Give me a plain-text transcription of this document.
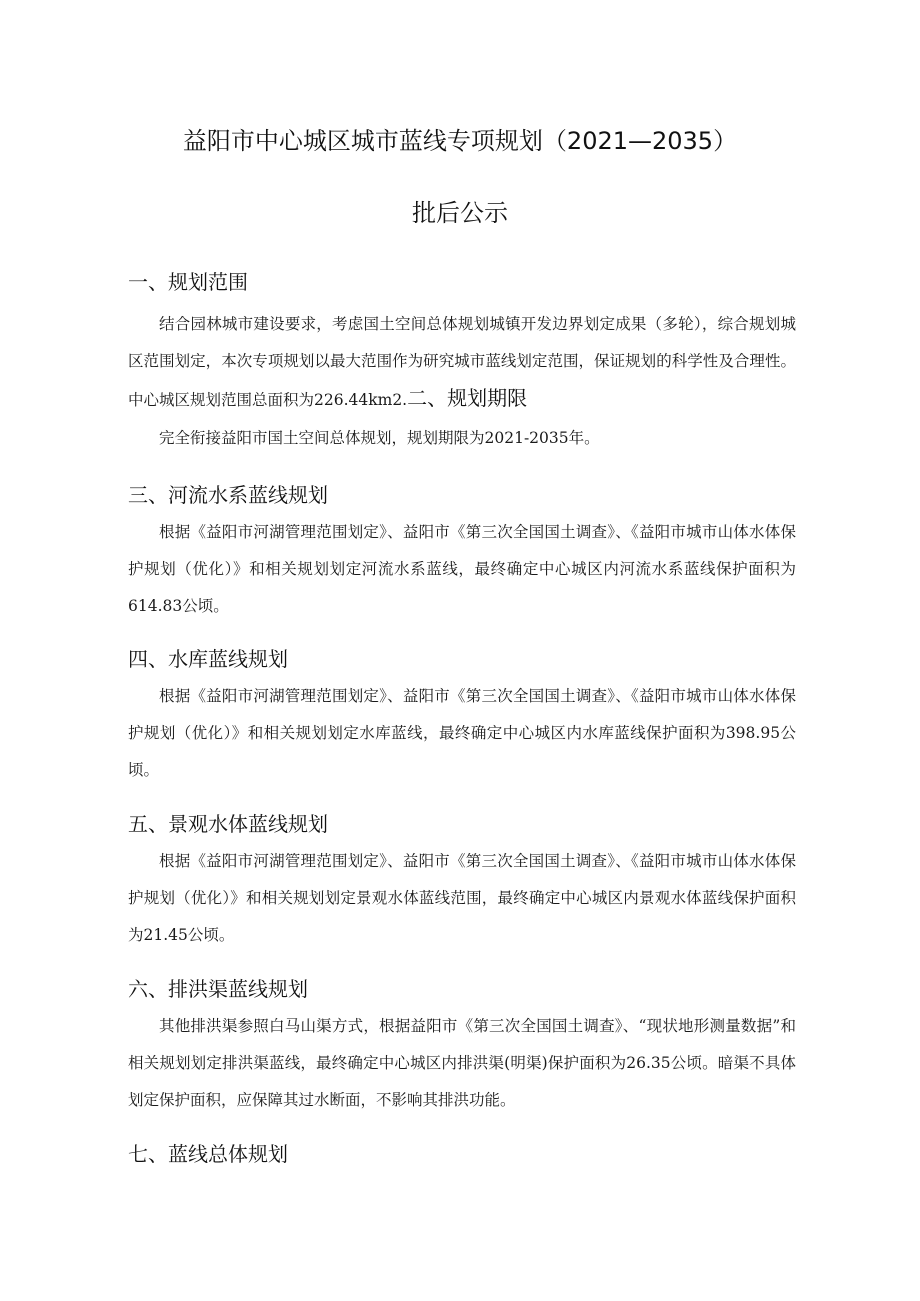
益阳市中心城区城市蓝线专项规划（2021—2035）
批后公示
一、规划范围

结合园林城市建设要求，考虑国土空间总体规划城镇开发边界划定成果（多轮），综合规划城区范围划定，本次专项规划以最大范围作为研究城市蓝线划定范围，保证规划的科学性及合理性。中心城区规划范围总面积为226.44km2.二、规划期限

完全衔接益阳市国土空间总体规划，规划期限为2021-2035年。

三、河流水系蓝线规划

根据《益阳市河湖管理范围划定》、益阳市《第三次全国国土调查》、《益阳市城市山体水体保护规划（优化）》和相关规划划定河流水系蓝线，最终确定中心城区内河流水系蓝线保护面积为614.83公顷。

四、水库蓝线规划

根据《益阳市河湖管理范围划定》、益阳市《第三次全国国土调查》、《益阳市城市山体水体保护规划（优化）》和相关规划划定水库蓝线，最终确定中心城区内水库蓝线保护面积为398.95公顷。

五、景观水体蓝线规划

根据《益阳市河湖管理范围划定》、益阳市《第三次全国国土调查》、《益阳市城市山体水体保护规划（优化）》和相关规划划定景观水体蓝线范围，最终确定中心城区内景观水体蓝线保护面积为21.45公顷。

六、排洪渠蓝线规划

其他排洪渠参照白马山渠方式，根据益阳市《第三次全国国土调查》、“现状地形测量数据”和相关规划划定排洪渠蓝线，最终确定中心城区内排洪渠(明渠)保护面积为26.35公顷。暗渠不具体划定保护面积，应保障其过水断面，不影响其排洪功能。

七、蓝线总体规划
